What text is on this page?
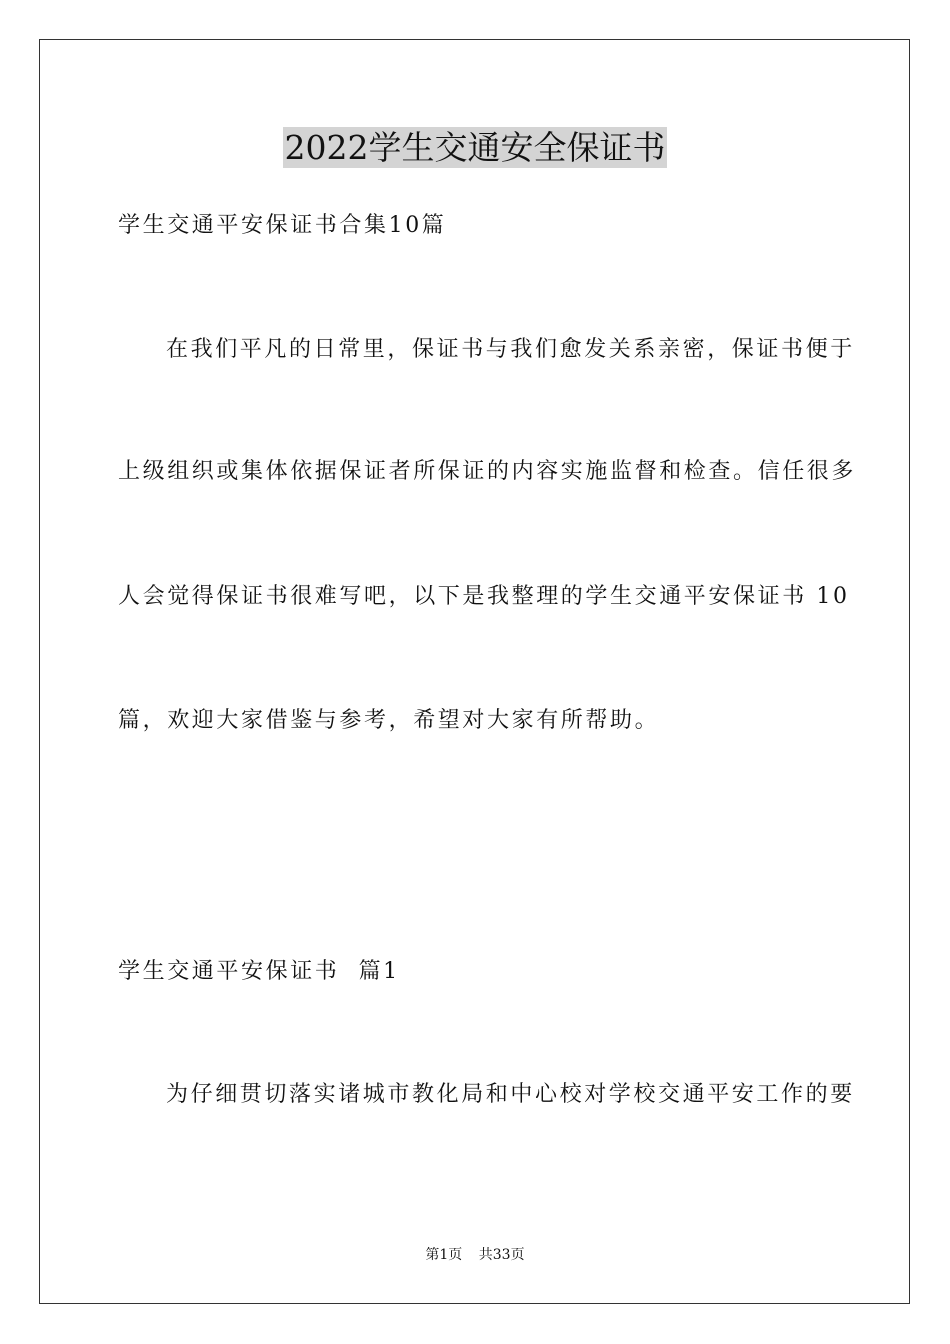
2022学生交通安全保证书

学生交通平安保证书合集10篇

在我们平凡的日常里，保证书与我们愈发关系亲密，保证书便于

上级组织或集体依据保证者所保证的内容实施监督和检查。信任很多

人会觉得保证书很难写吧，以下是我整理的学生交通平安保证书 10

篇，欢迎大家借鉴与参考，希望对大家有所帮助。

学生交通平安保证书  篇1

为仔细贯切落实诸城市教化局和中心校对学校交通平安工作的要

第1页 共33页
